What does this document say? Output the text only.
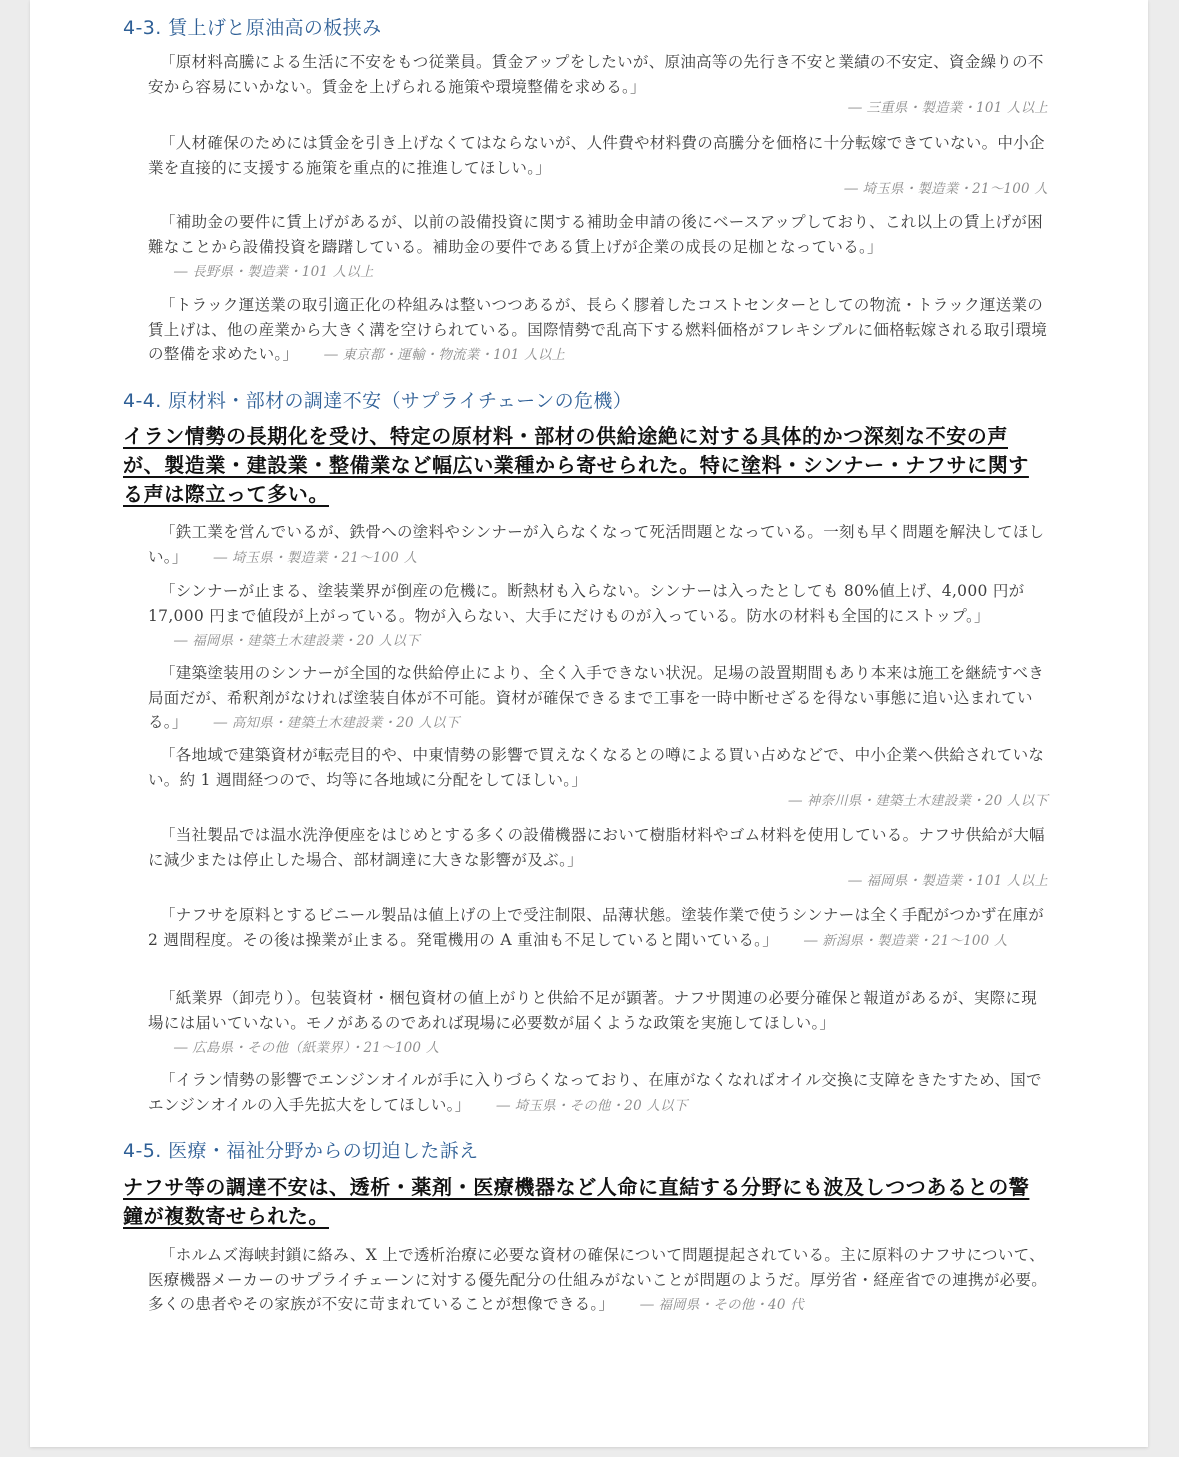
4-3. 賃上げと原油高の板挟み
「原材料高騰による生活に不安をもつ従業員。賃金アップをしたいが、原油高等の先行き不安と業績の不安定、資金繰りの不安から容易にいかない。賃金を上げられる施策や環境整備を求める。」
― 三重県・製造業・101 人以上
「人材確保のためには賃金を引き上げなくてはならないが、人件費や材料費の高騰分を価格に十分転嫁できていない。中小企業を直接的に支援する施策を重点的に推進してほしい。」
― 埼玉県・製造業・21〜100 人
「補助金の要件に賃上げがあるが、以前の設備投資に関する補助金申請の後にベースアップしており、これ以上の賃上げが困難なことから設備投資を躊躇している。補助金の要件である賃上げが企業の成長の足枷となっている。」― 長野県・製造業・101 人以上
「トラック運送業の取引適正化の枠組みは整いつつあるが、長らく膠着したコストセンターとしての物流・トラック運送業の賃上げは、他の産業から大きく溝を空けられている。国際情勢で乱高下する燃料価格がフレキシブルに価格転嫁される取引環境の整備を求めたい。」 ― 東京都・運輸・物流業・101 人以上
4-4. 原材料・部材の調達不安（サプライチェーンの危機）

イラン情勢の長期化を受け、特定の原材料・部材の供給途絶に対する具体的かつ深刻な不安の声が、製造業・建設業・整備業など幅広い業種から寄せられた。特に塗料・シンナー・ナフサに関する声は際立って多い。

「鉄工業を営んでいるが、鉄骨への塗料やシンナーが入らなくなって死活問題となっている。一刻も早く問題を解決してほしい。」 ― 埼玉県・製造業・21〜100 人
「シンナーが止まる、塗装業界が倒産の危機に。断熱材も入らない。シンナーは入ったとしても 80%値上げ、4,000 円が 17,000 円まで値段が上がっている。物が入らない、大手にだけものが入っている。防水の材料も全国的にストップ。」― 福岡県・建築土木建設業・20 人以下
「建築塗装用のシンナーが全国的な供給停止により、全く入手できない状況。足場の設置期間もあり本来は施工を継続すべき局面だが、希釈剤がなければ塗装自体が不可能。資材が確保できるまで工事を一時中断せざるを得ない事態に追い込まれている。」 ― 高知県・建築土木建設業・20 人以下
「各地域で建築資材が転売目的や、中東情勢の影響で買えなくなるとの噂による買い占めなどで、中小企業へ供給されていない。約 1 週間経つので、均等に各地域に分配をしてほしい。」
― 神奈川県・建築土木建設業・20 人以下
「当社製品では温水洗浄便座をはじめとする多くの設備機器において樹脂材料やゴム材料を使用している。ナフサ供給が大幅に減少または停止した場合、部材調達に大きな影響が及ぶ。」
― 福岡県・製造業・101 人以上
「ナフサを原料とするビニール製品は値上げの上で受注制限、品薄状態。塗装作業で使うシンナーは全く手配がつかず在庫が 2 週間程度。その後は操業が止まる。発電機用の A 重油も不足していると聞いている。」 ― 新潟県・製造業・21〜100 人
「紙業界（卸売り）。包装資材・梱包資材の値上がりと供給不足が顕著。ナフサ関連の必要分確保と報道があるが、実際に現場には届いていない。モノがあるのであれば現場に必要数が届くような政策を実施してほしい。」― 広島県・その他（紙業界）・21〜100 人
「イラン情勢の影響でエンジンオイルが手に入りづらくなっており、在庫がなくなればオイル交換に支障をきたすため、国でエンジンオイルの入手先拡大をしてほしい。」 ― 埼玉県・その他・20 人以下
4-5. 医療・福祉分野からの切迫した訴え

ナフサ等の調達不安は、透析・薬剤・医療機器など人命に直結する分野にも波及しつつあるとの警鐘が複数寄せられた。

「ホルムズ海峡封鎖に絡み、X 上で透析治療に必要な資材の確保について問題提起されている。主に原料のナフサについて、医療機器メーカーのサプライチェーンに対する優先配分の仕組みがないことが問題のようだ。厚労省・経産省での連携が必要。多くの患者やその家族が不安に苛まれていることが想像できる。」 ― 福岡県・その他・40 代
